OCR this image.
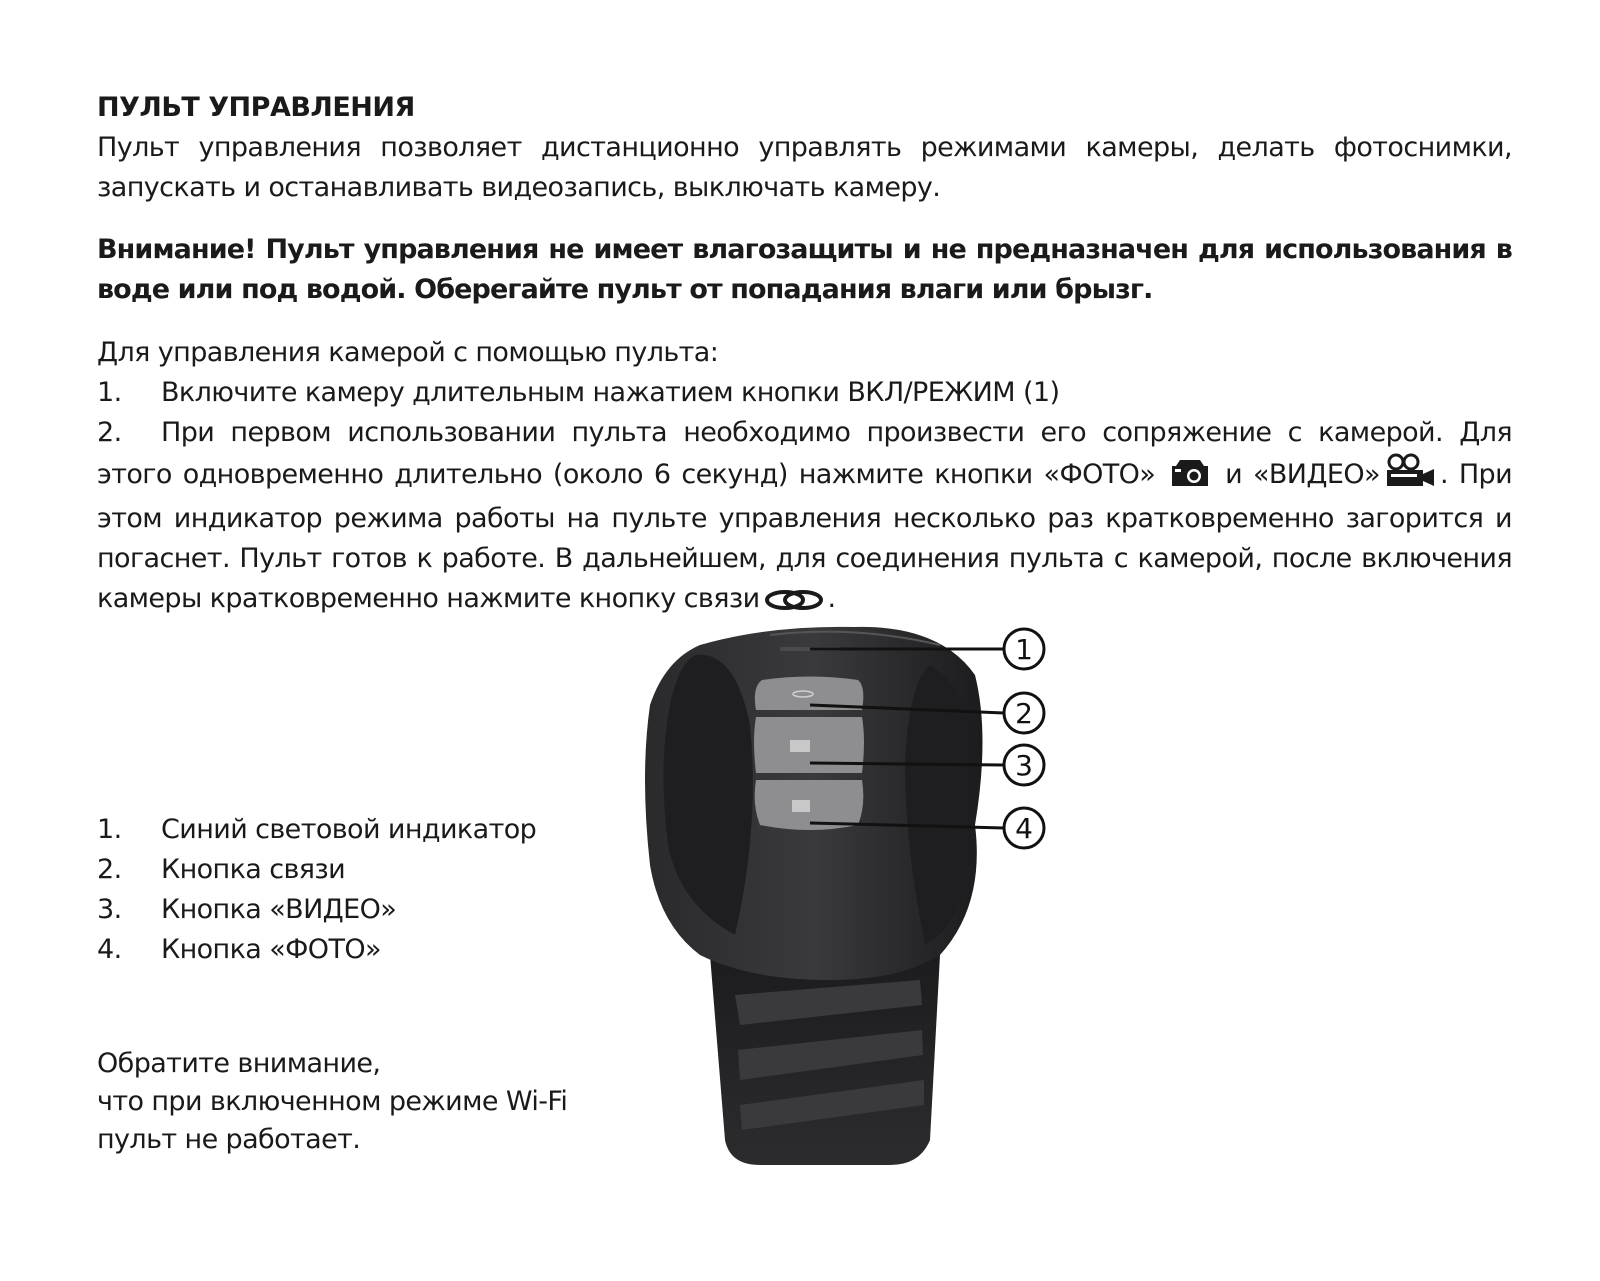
ПУЛЬТ УПРАВЛЕНИЯ
Пульт управления позволяет дистанционно управлять режимами камеры, делать фотоснимки, запускать и останавливать видеозапись, выключать камеру.
Внимание! Пульт управления не имеет влагозащиты и не предназначен для использования в воде или под водой. Оберегайте пульт от попадания влаги или брызг.
Для управления камерой с помощью пульта:
1. Включите камеру длительным нажатием кнопки ВКЛ/РЕЖИМ (1)
2. При первом использовании пульта необходимо произвести его сопряжение с камерой. Для этого одновременно длительно (около 6 секунд) нажмите кнопки «ФОТО»	и «ВИДЕО» . При этом индикатор режима работы на пульте управления несколько раз кратковременно загорится и погаснет. Пульт готов к работе. В дальнейшем, для соединения пульта с камерой, после включения камеры кратковременно нажмите кнопку связи	.
1. Синий световой индикатор
2. Кнопка связи
3. Кнопка «ВИДЕО»
4. Кнопка «ФОТО»
Обратите внимание,
что при включенном режиме Wi-Fi
пульт не работает.
1
2
3
4
